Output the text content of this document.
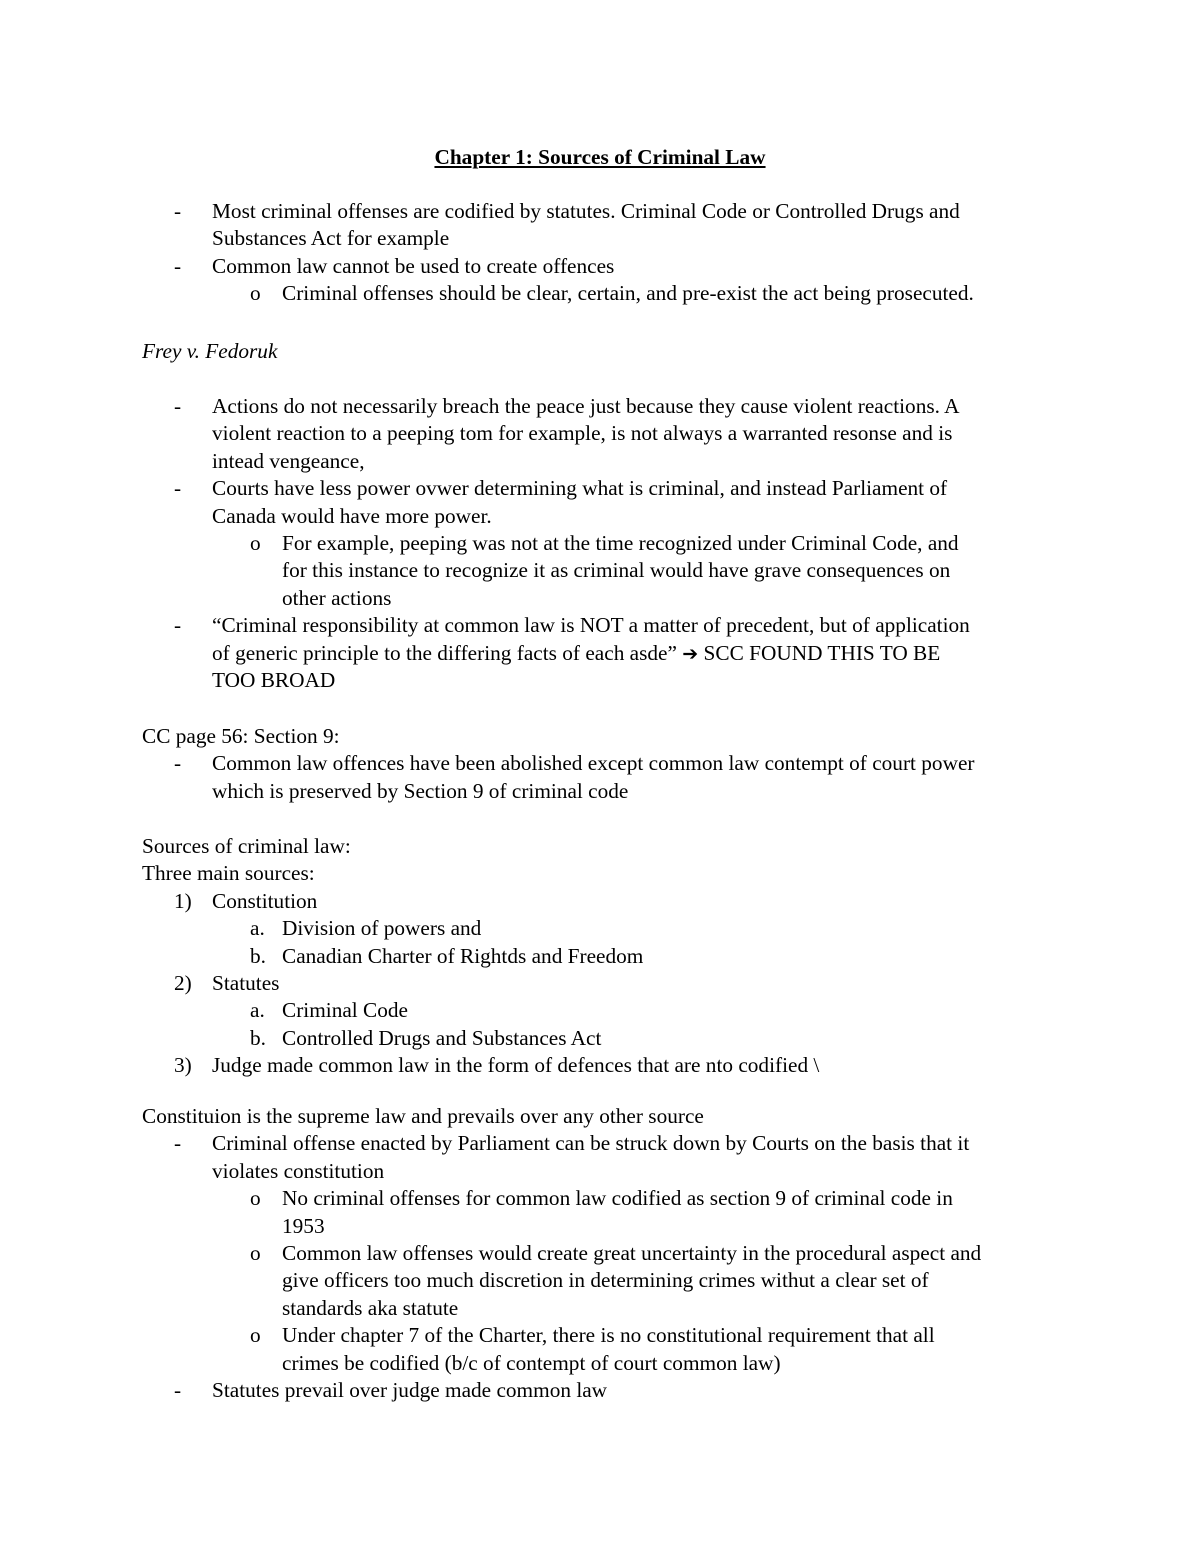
Chapter 1: Sources of Criminal Law
- Most criminal offenses are codified by statutes. Criminal Code or Controlled Drugs and
Substances Act for example
- Common law cannot be used to create offences
o Criminal offenses should be clear, certain, and pre-exist the act being prosecuted.
Frey v. Fedoruk
- Actions do not necessarily breach the peace just because they cause violent reactions. A
violent reaction to a peeping tom for example, is not always a warranted resonse and is
intead vengeance,
- Courts have less power ovwer determining what is criminal, and instead Parliament of
Canada would have more power.
o For example, peeping was not at the time recognized under Criminal Code, and
for this instance to recognize it as criminal would have grave consequences on
other actions
- “Criminal responsibility at common law is NOT a matter of precedent, but of application
of generic principle to the differing facts of each asde” ➔ SCC FOUND THIS TO BE
TOO BROAD
CC page 56: Section 9:
- Common law offences have been abolished except common law contempt of court power
which is preserved by Section 9 of criminal code
Sources of criminal law:
Three main sources:
1) Constitution
a. Division of powers and
b. Canadian Charter of Rightds and Freedom
2) Statutes
a. Criminal Code
b. Controlled Drugs and Substances Act
3) Judge made common law in the form of defences that are nto codified \
Constituion is the supreme law and prevails over any other source
- Criminal offense enacted by Parliament can be struck down by Courts on the basis that it
violates constitution
o No criminal offenses for common law codified as section 9 of criminal code in
1953
o Common law offenses would create great uncertainty in the procedural aspect and
give officers too much discretion in determining crimes withut a clear set of
standards aka statute
o Under chapter 7 of the Charter, there is no constitutional requirement that all
crimes be codified (b/c of contempt of court common law)
- Statutes prevail over judge made common law
